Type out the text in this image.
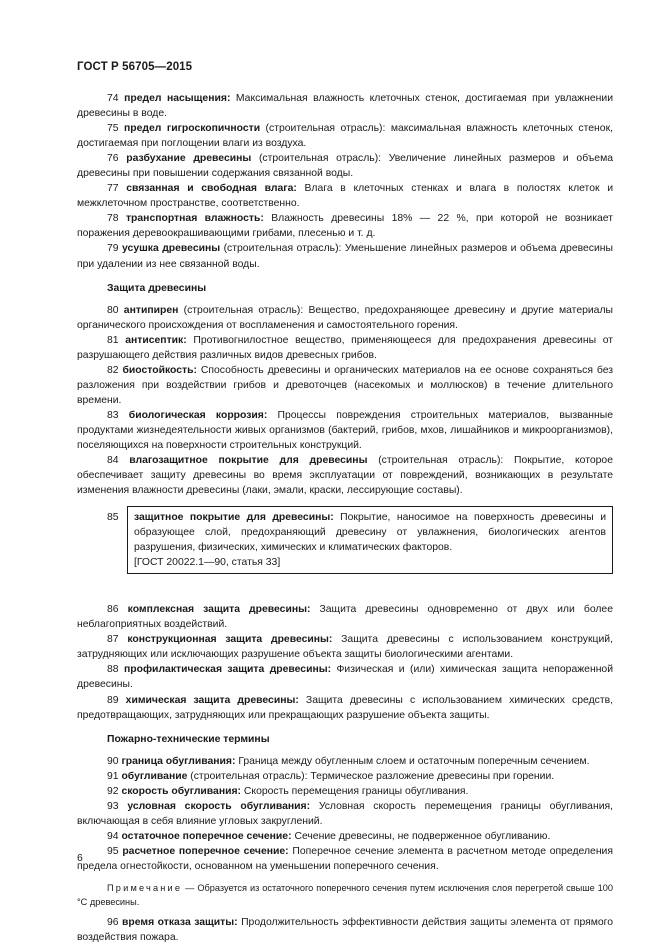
ГОСТ Р 56705—2015

74 предел насыщения: Максимальная влажность клеточных стенок, достигаемая при увлажнении древесины в воде.

75 предел гигроскопичности (строительная отрасль): максимальная влажность клеточных стенок, достигаемая при поглощении влаги из воздуха.

76 разбухание древесины (строительная отрасль): Увеличение линейных размеров и объема древесины при повышении содержания связанной воды.

77 связанная и свободная влага: Влага в клеточных стенках и влага в полостях клеток и межклеточном пространстве, соответственно.

78 транспортная влажность: Влажность древесины 18% — 22 %, при которой не возникает поражения деревоокрашивающими грибами, плесенью и т. д.

79 усушка древесины (строительная отрасль): Уменьшение линейных размеров и объема древесины при удалении из нее связанной воды.

Защита древесины

80 антипирен (строительная отрасль): Вещество, предохраняющее древесину и другие материалы органического происхождения от воспламенения и самостоятельного горения.

81 антисептик: Противогнилостное вещество, применяющееся для предохранения древесины от разрушающего действия различных видов древесных грибов.

82 биостойкость: Способность древесины и органических материалов на ее основе сохраняться без разложения при воздействии грибов и древоточцев (насекомых и моллюсков) в течение длительного времени.

83 биологическая коррозия: Процессы повреждения строительных материалов, вызванные продуктами жизнедеятельности живых организмов (бактерий, грибов, мхов, лишайников и микроорганизмов), поселяющихся на поверхности строительных конструкций.

84 влагозащитное покрытие для древесины (строительная отрасль): Покрытие, которое обеспечивает защиту древесины во время эксплуатации от повреждений, возникающих в результате изменения влажности древесины (лаки, эмали, краски, лессирующие составы).

85	защитное покрытие для древесины: Покрытие, наносимое на поверхность древесины и образующее слой, предохраняющий древесину от увлажнения, биологических агентов разрушения, физических, химических и климатических факторов.
[ГОСТ 20022.1—90, статья 33]

86 комплексная защита древесины: Защита древесины одновременно от двух или более неблагоприятных воздействий.

87 конструкционная защита древесины: Защита древесины с использованием конструкций, затрудняющих или исключающих разрушение объекта защиты биологическими агентами.

88 профилактическая защита древесины: Физическая и (или) химическая защита непораженной древесины.

89 химическая защита древесины: Защита древесины с использованием химических средств, предотвращающих, затрудняющих или прекращающих разрушение объекта защиты.

Пожарно-технические термины

90 граница обугливания: Граница между обугленным слоем и остаточным поперечным сечением.

91 обугливание (строительная отрасль): Термическое разложение древесины при горении.

92 скорость обугливания: Скорость перемещения границы обугливания.

93 условная скорость обугливания: Условная скорость перемещения границы обугливания, включающая в себя влияние угловых закруглений.

94 остаточное поперечное сечение: Сечение древесины, не подверженное обугливанию.

95 расчетное поперечное сечение: Поперечное сечение элемента в расчетном методе определения предела огнестойкости, основанном на уменьшении поперечного сечения.

Примечание — Образуется из остаточного поперечного сечения путем исключения слоя перегретой свыше 100 °С древесины.

96 время отказа защиты: Продолжительность эффективности действия защиты элемента от прямого воздействия пожара.

6
